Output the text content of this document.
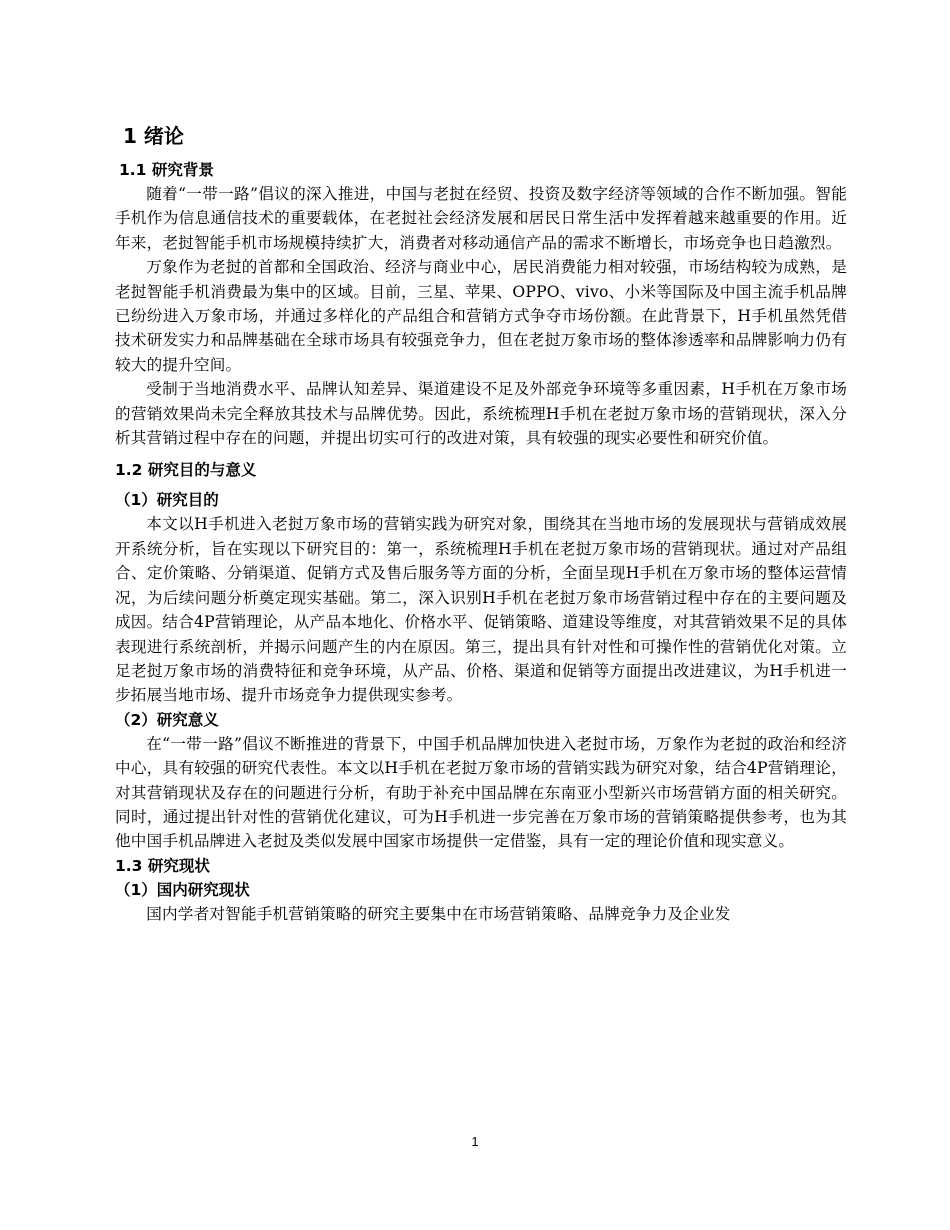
1 绪论
1.1 研究背景

随着“一带一路”倡议的深入推进，中国与老挝在经贸、投资及数字经济等领域的合作不断加强。智能手机作为信息通信技术的重要载体，在老挝社会经济发展和居民日常生活中发挥着越来越重要的作用。近年来，老挝智能手机市场规模持续扩大，消费者对移动通信产品的需求不断增长，市场竞争也日趋激烈。

万象作为老挝的首都和全国政治、经济与商业中心，居民消费能力相对较强，市场结构较为成熟，是老挝智能手机消费最为集中的区域。目前，三星、苹果、OPPO、vivo、小米等国际及中国主流手机品牌已纷纷进入万象市场，并通过多样化的产品组合和营销方式争夺市场份额。在此背景下，H手机虽然凭借技术研发实力和品牌基础在全球市场具有较强竞争力，但在老挝万象市场的整体渗透率和品牌影响力仍有较大的提升空间。

受制于当地消费水平、品牌认知差异、渠道建设不足及外部竞争环境等多重因素，H手机在万象市场的营销效果尚未完全释放其技术与品牌优势。因此，系统梳理H手机在老挝万象市场的营销现状，深入分析其营销过程中存在的问题，并提出切实可行的改进对策，具有较强的现实必要性和研究价值。

1.2 研究目的与意义
（1）研究目的

本文以H手机进入老挝万象市场的营销实践为研究对象，围绕其在当地市场的发展现状与营销成效展开系统分析，旨在实现以下研究目的：第一，系统梳理H手机在老挝万象市场的营销现状。通过对产品组合、定价策略、分销渠道、促销方式及售后服务等方面的分析，全面呈现H手机在万象市场的整体运营情况，为后续问题分析奠定现实基础。第二，深入识别H手机在老挝万象市场营销过程中存在的主要问题及成因。结合4P营销理论，从产品本地化、价格水平、促销策略、道建设等维度，对其营销效果不足的具体表现进行系统剖析，并揭示问题产生的内在原因。第三，提出具有针对性和可操作性的营销优化对策。立足老挝万象市场的消费特征和竞争环境，从产品、价格、渠道和促销等方面提出改进建议，为H手机进一步拓展当地市场、提升市场竞争力提供现实参考。

（2）研究意义

在“一带一路”倡议不断推进的背景下，中国手机品牌加快进入老挝市场，万象作为老挝的政治和经济中心，具有较强的研究代表性。本文以H手机在老挝万象市场的营销实践为研究对象，结合4P营销理论，对其营销现状及存在的问题进行分析，有助于补充中国品牌在东南亚小型新兴市场营销方面的相关研究。同时，通过提出针对性的营销优化建议，可为H手机进一步完善在万象市场的营销策略提供参考，也为其他中国手机品牌进入老挝及类似发展中国家市场提供一定借鉴，具有一定的理论价值和现实意义。

1.3 研究现状
（1）国内研究现状

国内学者对智能手机营销策略的研究主要集中在市场营销策略、品牌竞争力及企业发

1
